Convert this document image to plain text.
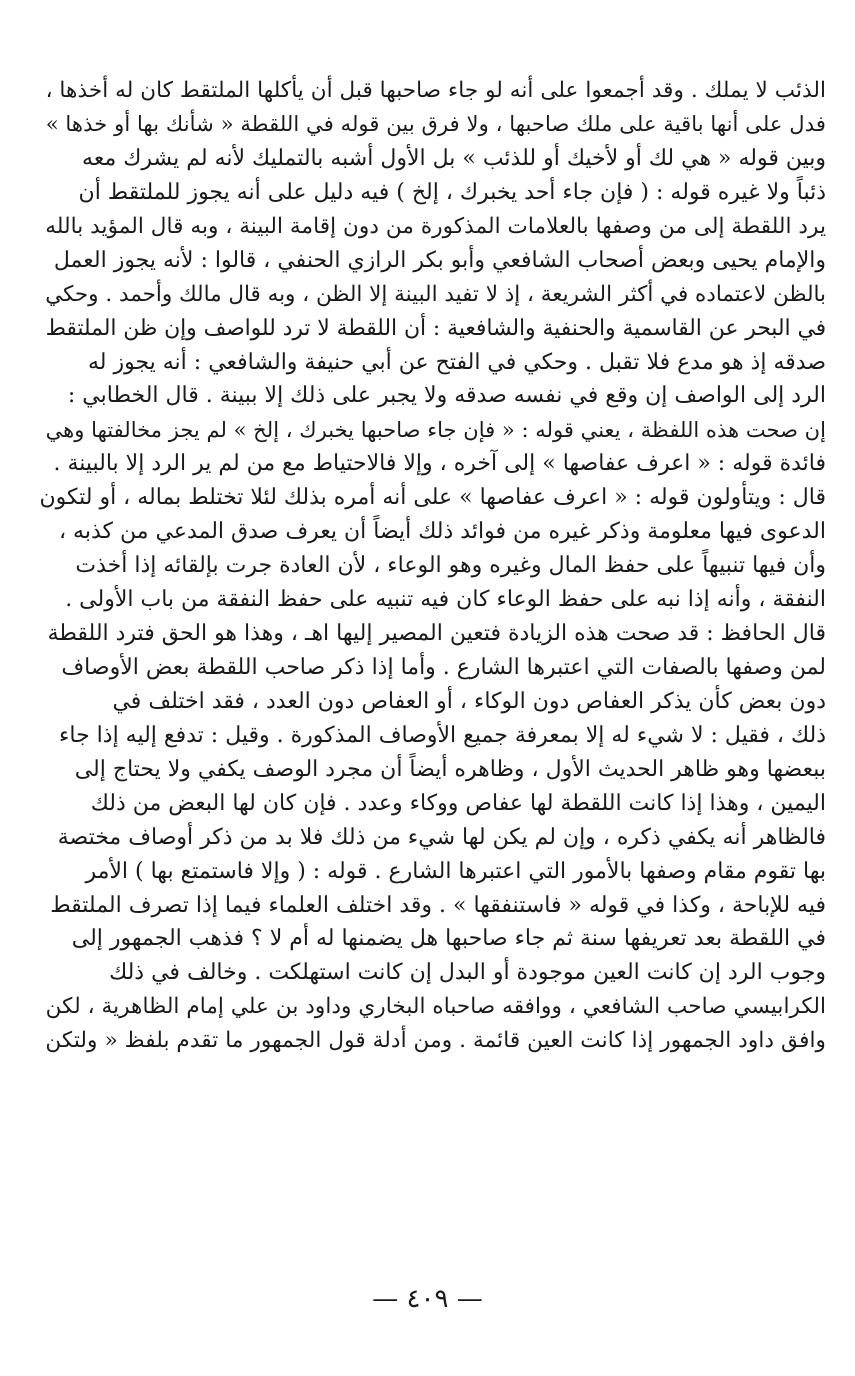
الذئب لا يملك . وقد أجمعوا على أنه لو جاء صاحبها قبل أن يأكلها الملتقط كان له أخذها ،
فدل على أنها باقية على ملك صاحبها ، ولا فرق بين قوله في اللقطة « شأنك بها أو خذها »
وبين قوله « هي لك أو لأخيك أو للذئب » بل الأول أشبه بالتمليك لأنه لم يشرك معه
ذئباً ولا غيره قوله : ( فإن جاء أحد يخبرك ، إلخ ) فيه دليل على أنه يجوز للملتقط أن
يرد اللقطة إلى من وصفها بالعلامات المذكورة من دون إقامة البينة ، وبه قال المؤيد بالله
والإمام يحيى وبعض أصحاب الشافعي وأبو بكر الرازي الحنفي ، قالوا : لأنه يجوز العمل
بالظن لاعتماده في أكثر الشريعة ، إذ لا تفيد البينة إلا الظن ، وبه قال مالك وأحمد . وحكي
في البحر عن القاسمية والحنفية والشافعية : أن اللقطة لا ترد للواصف وإن ظن الملتقط
صدقه إذ هو مدع فلا تقبل . وحكي في الفتح عن أبي حنيفة والشافعي : أنه يجوز له
الرد إلى الواصف إن وقع في نفسه صدقه ولا يجبر على ذلك إلا ببينة . قال الخطابي :
إن صحت هذه اللفظة ، يعني قوله : « فإن جاء صاحبها يخبرك ، إلخ » لم يجز مخالفتها وهي
فائدة قوله : « اعرف عفاصها » إلى آخره ، وإلا فالاحتياط مع من لم ير الرد إلا بالبينة .
قال : ويتأولون قوله : « اعرف عفاصها » على أنه أمره بذلك لئلا تختلط بماله ، أو لتكون
الدعوى فيها معلومة وذكر غيره من فوائد ذلك أيضاً أن يعرف صدق المدعي من كذبه ،
وأن فيها تنبيهاً على حفظ المال وغيره وهو الوعاء ، لأن العادة جرت بإلقائه إذا أخذت
النفقة ، وأنه إذا نبه على حفظ الوعاء كان فيه تنبيه على حفظ النفقة من باب الأولى .
قال الحافظ : قد صحت هذه الزيادة فتعين المصير إليها اهـ ، وهذا هو الحق فترد اللقطة
لمن وصفها بالصفات التي اعتبرها الشارع . وأما إذا ذكر صاحب اللقطة بعض الأوصاف
دون بعض كأن يذكر العفاص دون الوكاء ، أو العفاص دون العدد ، فقد اختلف في
ذلك ، فقيل : لا شيء له إلا بمعرفة جميع الأوصاف المذكورة . وقيل : تدفع إليه إذا جاء
ببعضها وهو ظاهر الحديث الأول ، وظاهره أيضاً أن مجرد الوصف يكفي ولا يحتاج إلى
اليمين ، وهذا إذا كانت اللقطة لها عفاص ووكاء وعدد . فإن كان لها البعض من ذلك
فالظاهر أنه يكفي ذكره ، وإن لم يكن لها شيء من ذلك فلا بد من ذكر أوصاف مختصة
بها تقوم مقام وصفها بالأمور التي اعتبرها الشارع . قوله : ( وإلا فاستمتع بها ) الأمر
فيه للإباحة ، وكذا في قوله « فاستنفقها » . وقد اختلف العلماء فيما إذا تصرف الملتقط
في اللقطة بعد تعريفها سنة ثم جاء صاحبها هل يضمنها له أم لا ؟ فذهب الجمهور إلى
وجوب الرد إن كانت العين موجودة أو البدل إن كانت استهلكت . وخالف في ذلك
الكرابيسي صاحب الشافعي ، ووافقه صاحباه البخاري وداود بن علي إمام الظاهرية ، لكن
وافق داود الجمهور إذا كانت العين قائمة . ومن أدلة قول الجمهور ما تقدم بلفظ « ولتكن
— ٤٠٩ —
